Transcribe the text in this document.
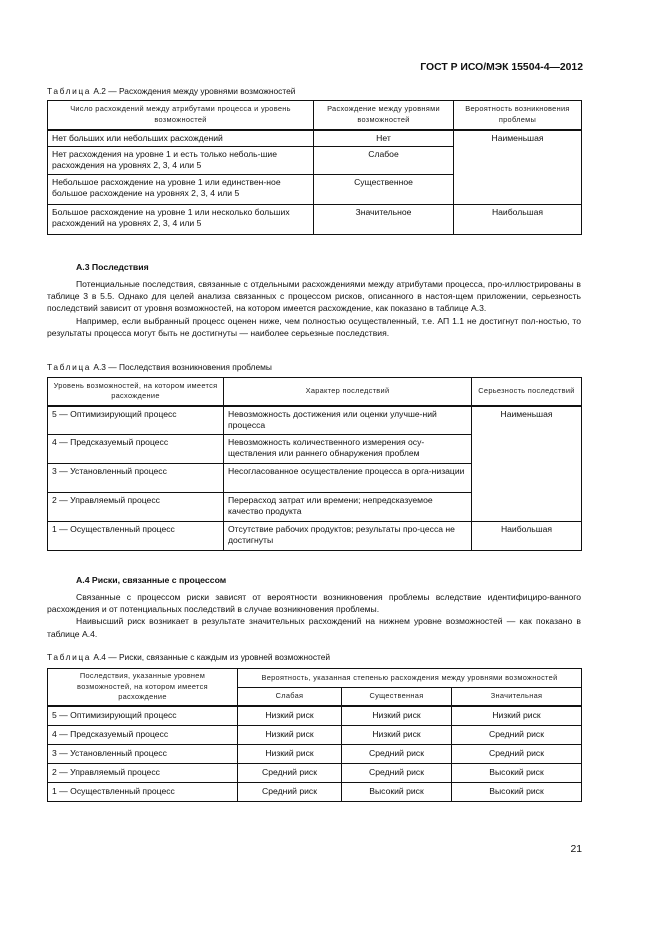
ГОСТ Р ИСО/МЭК 15504-4—2012
Таблица А.2 — Расхождения между уровнями возможностей
Число расхождений между атрибутами процесса и уровень возможностей	Расхождение между уровнями возможностей	Вероятность возникновения проблемы
Нет больших или небольших расхождений	Нет	Наименьшая
Нет расхождения на уровне 1 и есть только неболь-шие расхождения на уровнях 2, 3, 4 или 5	Слабое	
Небольшое расхождение на уровне 1 или единствен-ное большое расхождение на уровнях 2, 3, 4 или 5	Существенное	
Большое расхождение на уровне 1 или несколько больших расхождений на уровнях 2, 3, 4 или 5	Значительное	Наибольшая
А.3 Последствия

Потенциальные последствия, связанные с отдельными расхождениями между атрибутами процесса, про-иллюстрированы в таблице 3 в 5.5. Однако для целей анализа связанных с процессом рисков, описанного в настоя-щем приложении, серьезность последствий зависит от уровня возможностей, на котором имеется расхождение, как показано в таблице А.3.

Например, если выбранный процесс оценен ниже, чем полностью осуществленный, т.е. АП 1.1 не достигнут пол-ностью, то результаты процесса могут быть не достигнуты — наиболее серьезные последствия.

Таблица А.3 — Последствия возникновения проблемы
Уровень возможностей, на котором имеется расхождение	Характер последствий	Серьезность последствий
5 — Оптимизирующий процесс	Невозможность достижения или оценки улучше-ний процесса	Наименьшая
4 — Предсказуемый процесс	Невозможность количественного измерения осу-ществления или раннего обнаружения проблем	
3 — Установленный процесс	Несогласованное осуществление процесса в орга-низации	
2 — Управляемый процесс	Перерасход затрат или времени; непредсказуемое качество продукта	
1 — Осуществленный процесс	Отсутствие рабочих продуктов; результаты про-цесса не достигнуты	Наибольшая
А.4 Риски, связанные с процессом

Связанные с процессом риски зависят от вероятности возникновения проблемы вследствие идентифициро-ванного расхождения и от потенциальных последствий в случае возникновения проблемы.

Наивысший риск возникает в результате значительных расхождений на нижнем уровне возможностей — как показано в таблице А.4.

Таблица А.4 — Риски, связанные с каждым из уровней возможностей
Последствия, указанные уровнем возможностей, на котором имеется расхождение	Вероятность, указанная степенью расхождения между уровнями возможностей		
	Слабая	Существенная	Значительная
5 — Оптимизирующий процесс	Низкий риск	Низкий риск	Низкий риск
4 — Предсказуемый процесс	Низкий риск	Низкий риск	Средний риск
3 — Установленный процесс	Низкий риск	Средний риск	Средний риск
2 — Управляемый процесс	Средний риск	Средний риск	Высокий риск
1 — Осуществленный процесс	Средний риск	Высокий риск	Высокий риск
21
